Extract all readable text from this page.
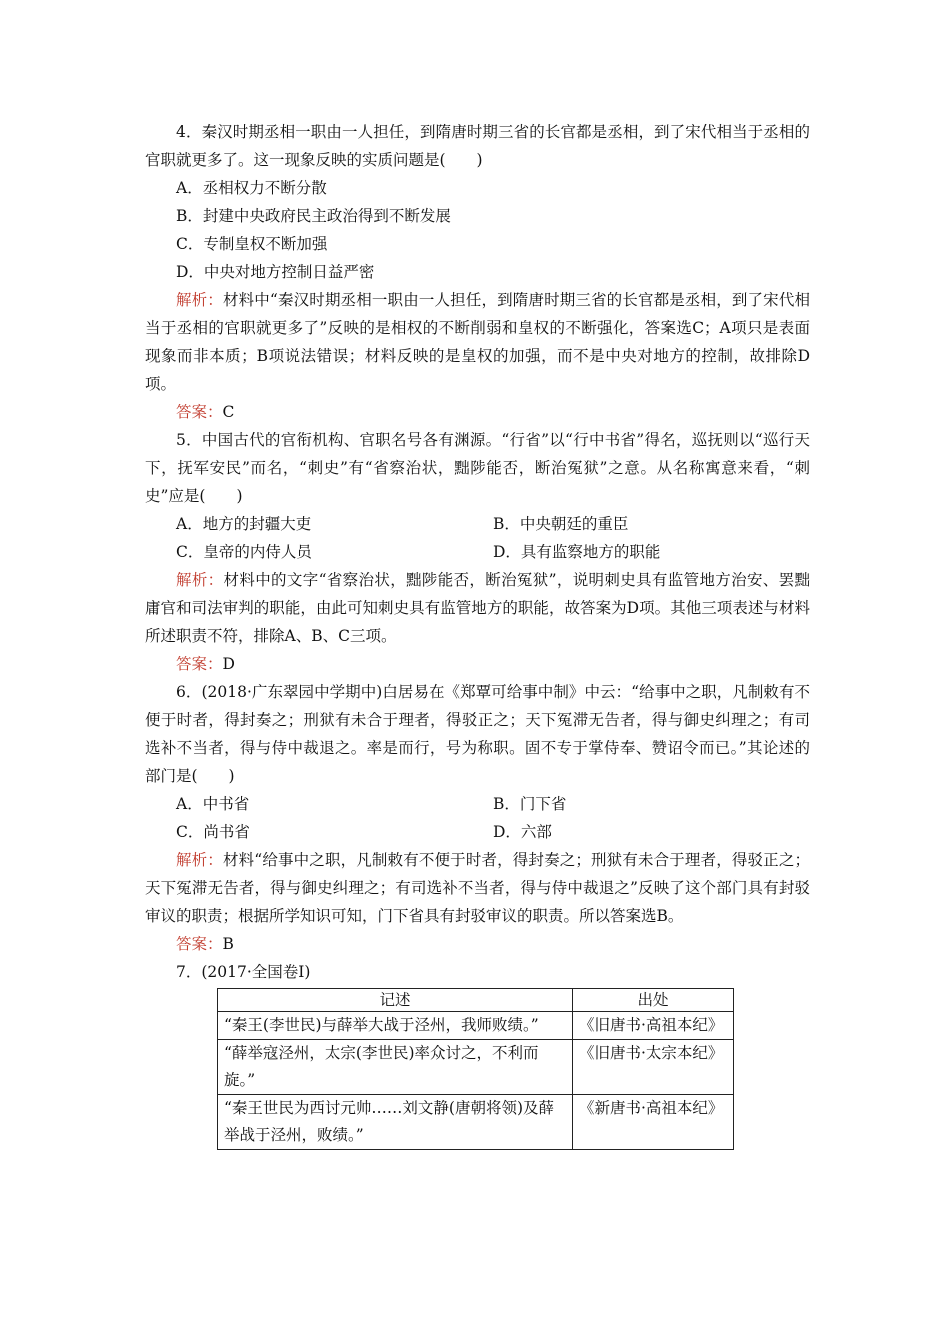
4．秦汉时期丞相一职由一人担任，到隋唐时期三省的长官都是丞相，到了宋代相当于丞相的官职就更多了。这一现象反映的实质问题是(　　)

A．丞相权力不断分散

B．封建中央政府民主政治得到不断发展

C．专制皇权不断加强

D．中央对地方控制日益严密

解析：材料中“秦汉时期丞相一职由一人担任，到隋唐时期三省的长官都是丞相，到了宋代相当于丞相的官职就更多了”反映的是相权的不断削弱和皇权的不断强化，答案选C；A项只是表面现象而非本质；B项说法错误；材料反映的是皇权的加强，而不是中央对地方的控制，故排除D项。

答案：C

5．中国古代的官衔机构、官职名号各有渊源。“行省”以“行中书省”得名，巡抚则以“巡行天下，抚军安民”而名，“刺史”有“省察治状，黜陟能否，断治冤狱”之意。从名称寓意来看，“刺史”应是(　　)

A．地方的封疆大吏	B．中央朝廷的重臣
C．皇帝的内侍人员	D．具有监察地方的职能

解析：材料中的文字“省察治状，黜陟能否，断治冤狱”，说明刺史具有监管地方治安、罢黜庸官和司法审判的职能，由此可知刺史具有监管地方的职能，故答案为D项。其他三项表述与材料所述职责不符，排除A、B、C三项。

答案：D

6．(2018·广东翠园中学期中)白居易在《郑覃可给事中制》中云：“给事中之职，凡制敕有不便于时者，得封奏之；刑狱有未合于理者，得驳正之；天下冤滞无告者，得与御史纠理之；有司选补不当者，得与侍中裁退之。率是而行，号为称职。固不专于掌侍奉、赞诏令而已。”其论述的部门是(　　)

A．中书省	B．门下省
C．尚书省	D．六部

解析：材料“给事中之职，凡制敕有不便于时者，得封奏之；刑狱有未合于理者，得驳正之；天下冤滞无告者，得与御史纠理之；有司选补不当者，得与侍中裁退之”反映了这个部门具有封驳审议的职责；根据所学知识可知，门下省具有封驳审议的职责。所以答案选B。

答案：B

7．(2017·全国卷Ⅰ)

记述	出处
“秦王(李世民)与薛举大战于泾州，我师败绩。”	《旧唐书·高祖本纪》
“薛举寇泾州，太宗(李世民)率众讨之，不利而旋。”	《旧唐书·太宗本纪》
“秦王世民为西讨元帅……刘文静(唐朝将领)及薛举战于泾州，败绩。”	《新唐书·高祖本纪》
